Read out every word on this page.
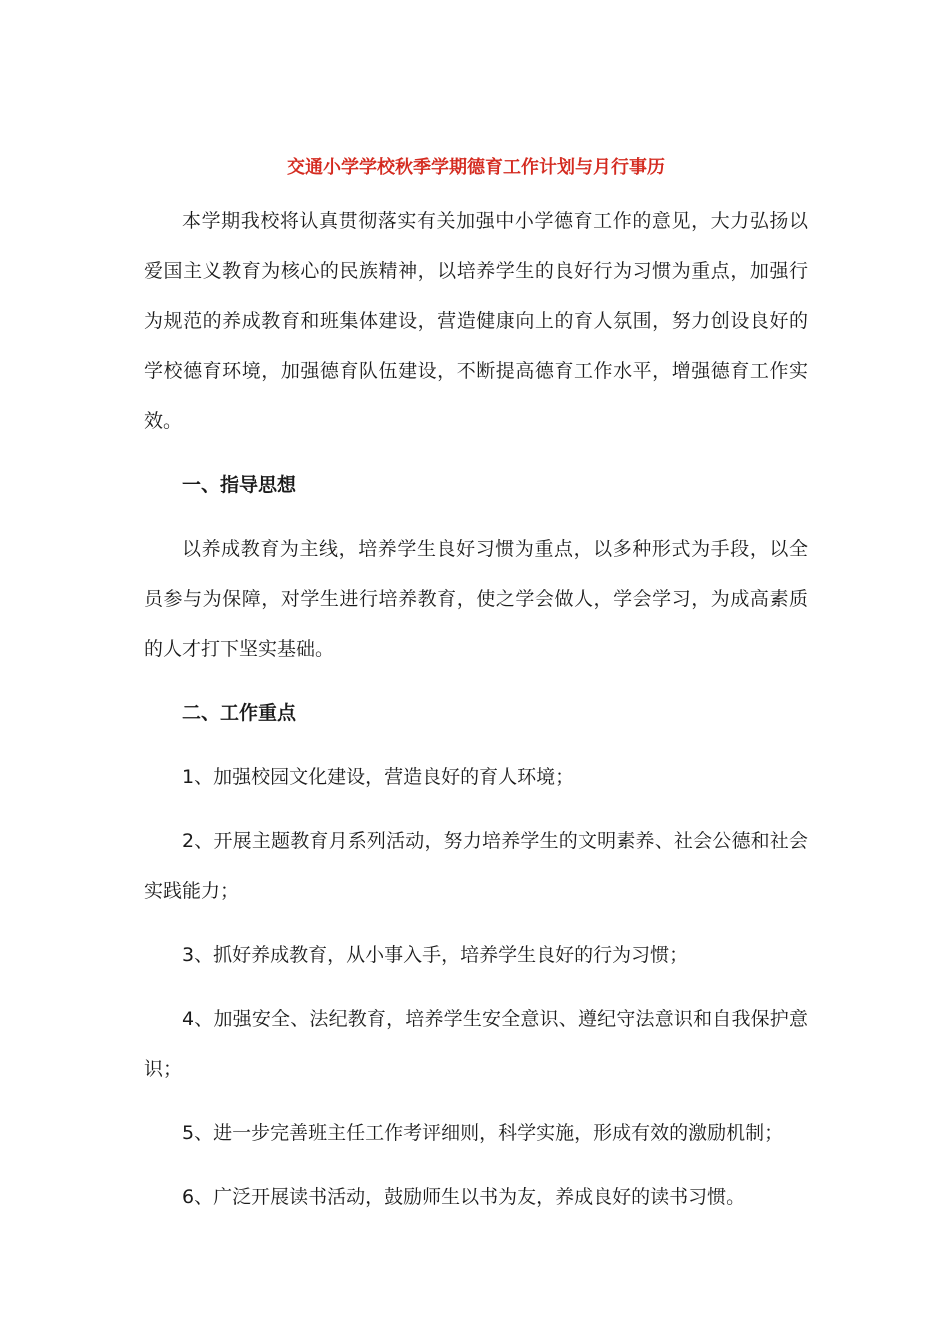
交通小学学校秋季学期德育工作计划与月行事历

本学期我校将认真贯彻落实有关加强中小学德育工作的意见，大力弘扬以爱国主义教育为核心的民族精神，以培养学生的良好行为习惯为重点，加强行为规范的养成教育和班集体建设，营造健康向上的育人氛围，努力创设良好的学校德育环境，加强德育队伍建设，不断提高德育工作水平，增强德育工作实效。

一、指导思想

以养成教育为主线，培养学生良好习惯为重点，以多种形式为手段，以全员参与为保障，对学生进行培养教育，使之学会做人，学会学习，为成高素质的人才打下坚实基础。

二、工作重点

1、加强校园文化建设，营造良好的育人环境；

2、开展主题教育月系列活动，努力培养学生的文明素养、社会公德和社会实践能力；

3、抓好养成教育，从小事入手，培养学生良好的行为习惯；

4、加强安全、法纪教育，培养学生安全意识、遵纪守法意识和自我保护意识；

5、进一步完善班主任工作考评细则，科学实施，形成有效的激励机制；

6、广泛开展读书活动，鼓励师生以书为友，养成良好的读书习惯。
